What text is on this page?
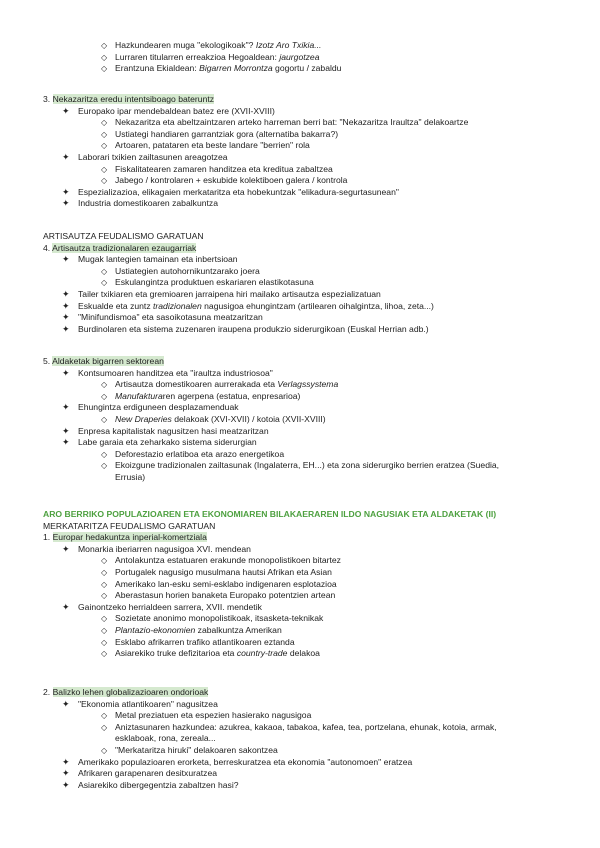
◇ Hazkundearen muga "ekologikoak"? Izotz Aro Txikia...
◇ Lurraren titularren erreakzioa Hegoaldean: jaurgotzea
◇ Erantzuna Ekialdean: Bigarren Morrontza gogortu / zabaldu
3. Nekazaritza eredu intentsiboago bateruntz
✦ Europako ipar mendebaldean batez ere (XVII-XVIII)
◇ Nekazaritza eta abeltzaintzaren arteko harreman berri bat: "Nekazaritza Iraultza" delakoartze
◇ Ustiategi handiaren garrantziak gora (alternatiba bakarra?)
◇ Artoaren, patataren eta beste landare "berrien" rola
✦ Laborari txikien zailtasunen areagotzea
◇ Fiskalitatearen zamaren handitzea eta kreditua zabaltzea
◇ Jabego / kontrolaren + eskubide kolektiboen galera / kontrola
✦ Espezializazioa, elikagaien merkataritza eta hobekuntzak "elikadura-segurtasunean"
✦ Industria domestikoaren zabalkuntza
ARTISAUTZA FEUDALISMO GARATUAN
4. Artisautza tradizionalaren ezaugarriak
✦ Mugak lantegien tamainan eta inbertsioan
◇ Ustiategien autohornikuntzarako joera
◇ Eskulangintza produktuen eskariaren elastikotasuna
✦ Tailer txikiaren eta gremioaren jarraipena hiri mailako artisautza espezializatuan
✦ Eskualde eta zuntz tradizionalen nagusigoa ehungintzam (artilearen oihalgintza, lihoa, zeta...)
✦ "Minifundismoa" eta sasoikotasuna meatzaritzan
✦ Burdinolaren eta sistema zuzenaren iraupena produkzio siderurgikoan (Euskal Herrian adb.)
5. Aldaketak bigarren sektorean
✦ Kontsumoaren handitzea eta "iraultza industriosoa"
◇ Artisautza domestikoaren aurrerakada eta Verlagssystema
◇ Manufakturaren agerpena (estatua, enpresarioa)
✦ Ehungintza erdiguneen desplazamenduak
◇ New Draperies delakoak (XVI-XVII) / kotoia (XVII-XVIII)
✦ Enpresa kapitalistak nagusitzen hasi meatzaritzan
✦ Labe garaia eta zeharkako sistema siderurgian
◇ Deforestazio erlatiboa eta arazo energetikoa
◇ Ekoizgune tradizionalen zailtasunak (Ingalaterra, EH...) eta zona siderurgiko berrien eratzea (Suedia,
Errusia)
ARO BERRIKO POPULAZIOAREN ETA EKONOMIAREN BILAKAERAREN ILDO NAGUSIAK ETA ALDAKETAK (II)
MERKATARITZA FEUDALISMO GARATUAN
1. Europar hedakuntza inperial-komertziala
✦ Monarkia iberiarren nagusigoa XVI. mendean
◇ Antolakuntza estatuaren erakunde monopolistikoen bitartez
◇ Portugalek nagusigo musulmana hautsi Afrikan eta Asian
◇ Amerikako lan-esku semi-esklabo indigenaren esplotazioa
◇ Aberastasun horien banaketa Europako potentzien artean
✦ Gainontzeko herrialdeen sarrera, XVII. mendetik
◇ Sozietate anonimo monopolistikoak, itsasketa-teknikak
◇ Plantazio-ekonomien zabalkuntza Amerikan
◇ Esklabo afrikarren trafiko atlantikoaren eztanda
◇ Asiarekiko truke defizitarioa eta country-trade delakoa
2. Balizko lehen globalizazioaren ondorioak
✦ "Ekonomia atlantikoaren" nagusitzea
◇ Metal preziatuen eta espezien hasierako nagusigoa
◇ Aniztasunaren hazkundea: azukrea, kakaoa, tabakoa, kafea, tea, portzelana, ehunak, kotoia, armak,
esklaboak, rona, zereala...
◇ "Merkataritza hiruki" delakoaren sakontzea
✦ Amerikako populazioaren erorketa, berreskuratzea eta ekonomia "autonomoen" eratzea
✦ Afrikaren garapenaren desitxuratzea
✦ Asiarekiko dibergegentzia zabaltzen hasi?
